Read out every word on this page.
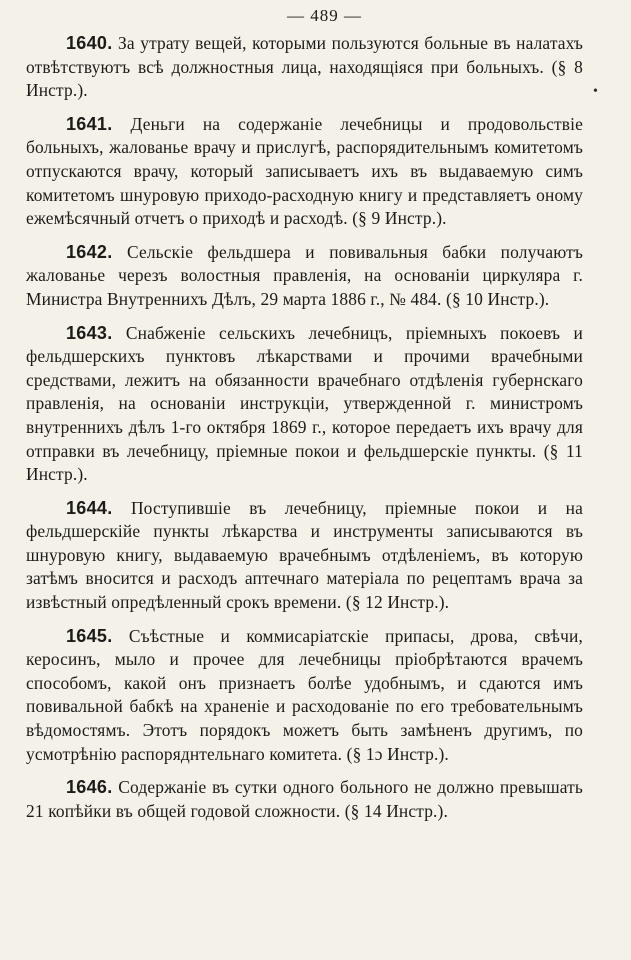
— 489 —

1640. За утрату вещей, которыми пользуются больные въ налатахъ отвѣтствуютъ всѣ должностныя лица, находящіяся при больныхъ. (§ 8 Инстр.).

1641. Деньги на содержаніе лечебницы и продовольствіе больныхъ, жалованье врачу и прислугѣ, распорядительнымъ комитетомъ отпускаются врачу, который записываетъ ихъ въ выдаваемую симъ комитетомъ шнуровую приходо-расходную книгу и представляетъ оному ежемѣсячный отчетъ о приходѣ и расходѣ. (§ 9 Инстр.).

1642. Сельскіе фельдшера и повивальныя бабки получаютъ жалованье черезъ волостныя правленія, на основаніи циркуляра г. Министра Внутреннихъ Дѣлъ, 29 марта 1886 г., № 484. (§ 10 Инстр.).

1643. Снабженіе сельскихъ лечебницъ, пріемныхъ покоевъ и фельдшерскихъ пунктовъ лѣкарствами и прочими врачебными средствами, лежитъ на обязанности врачебнаго отдѣленія губернскаго правленія, на основаніи инструкціи, утвержденной г. министромъ внутреннихъ дѣлъ 1-го октября 1869 г., которое передаетъ ихъ врачу для отправки въ лечебницу, пріемные покои и фельдшерскіе пункты. (§ 11 Инстр.).

1644. Поступившіе въ лечебницу, пріемные покои и на фельдшерскійе пункты лѣкарства и инструменты записываются въ шнуровую книгу, выдаваемую врачебнымъ отдѣленіемъ, въ которую затѣмъ вносится и расходъ аптечнаго матеріала по рецептамъ врача за извѣстный опредѣленный срокъ времени. (§ 12 Инстр.).

1645. Съѣстные и коммисаріатскіе припасы, дрова, свѣчи, керосинъ, мыло и прочее для лечебницы пріобрѣтаются врачемъ способомъ, какой онъ признаетъ болѣе удобнымъ, и сдаются имъ повивальной бабкѣ на храненіе и расходованіе по его требовательнымъ вѣдомостямъ. Этотъ порядокъ можетъ быть замѣненъ другимъ, по усмотрѣнію распоряднтельнаго комитета. (§ 1ɔ Инстр.).

1646. Содержаніе въ сутки одного больного не должно превышать 21 копѣйки въ общей годовой сложности. (§ 14 Инстр.).

•
